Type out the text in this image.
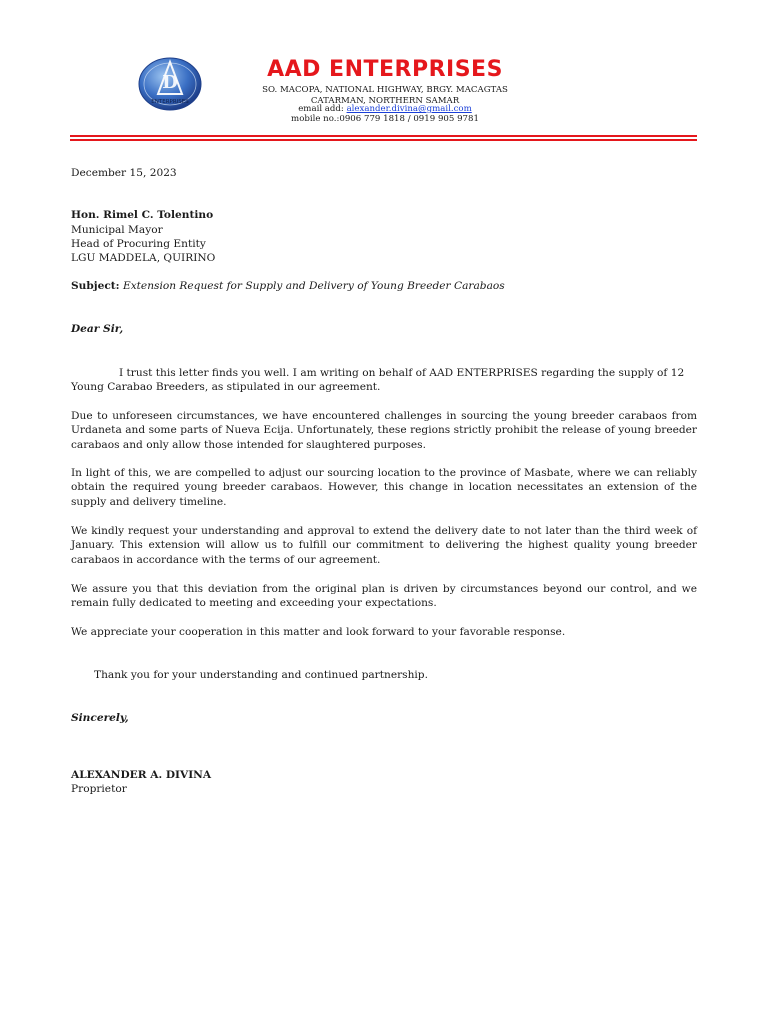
D
ENTERPRISES
AAD ENTERPRISES
SO. MACOPA, NATIONAL HIGHWAY, BRGY. MACAGTAS
CATARMAN, NORTHERN SAMAR
email add: alexander.divina@gmail.com
mobile no.:0906 779 1818 / 0919 905 9781
December 15, 2023
Hon. Rimel C. Tolentino
Municipal Mayor
Head of Procuring Entity
LGU MADDELA, QUIRINO
Subject: Extension Request for Supply and Delivery of Young Breeder Carabaos
Dear Sir,
I trust this letter finds you well. I am writing on behalf of AAD ENTERPRISES regarding the supply of 12 Young Carabao Breeders, as stipulated in our agreement.
Due to unforeseen circumstances, we have encountered challenges in sourcing the young breeder carabaos from Urdaneta and some parts of Nueva Ecija. Unfortunately, these regions strictly prohibit the release of young breeder carabaos and only allow those intended for slaughtered purposes.
In light of this, we are compelled to adjust our sourcing location to the province of Masbate, where we can reliably obtain the required young breeder carabaos. However, this change in location necessitates an extension of the supply and delivery timeline.
We kindly request your understanding and approval to extend the delivery date to not later than the third week of January. This extension will allow us to fulfill our commitment to delivering the highest quality young breeder carabaos in accordance with the terms of our agreement.
We assure you that this deviation from the original plan is driven by circumstances beyond our control, and we remain fully dedicated to meeting and exceeding your expectations.
We appreciate your cooperation in this matter and look forward to your favorable response.
Thank you for your understanding and continued partnership.
Sincerely,
ALEXANDER A. DIVINA
Proprietor
